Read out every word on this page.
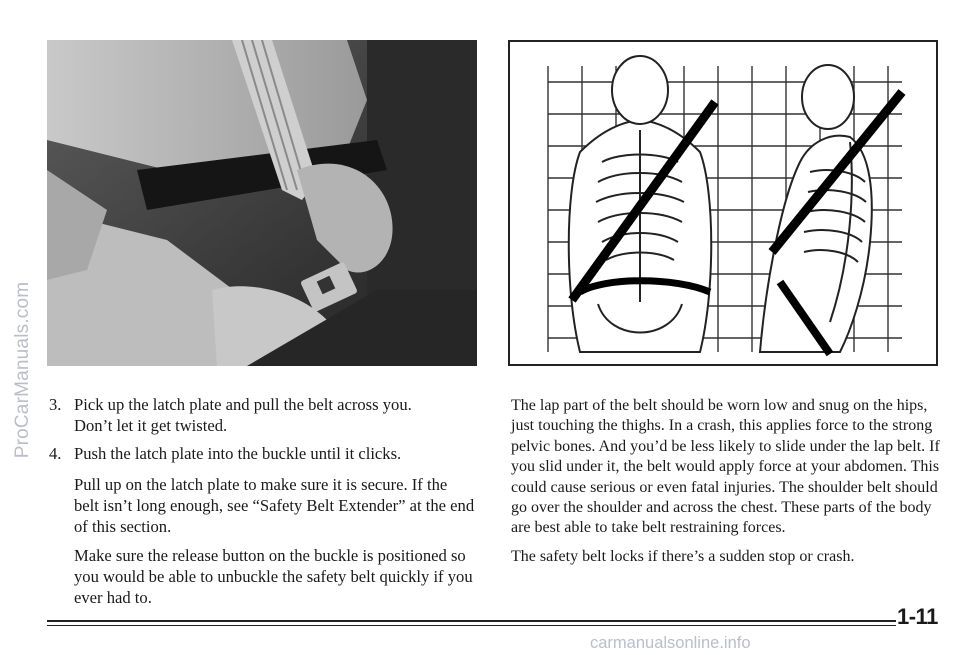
ProCarManuals.com 3. Pick up the latch plate and pull the belt across you.
Don’t let it get twisted.
4. Push the latch plate into the buckle until it clicks.

Pull up on the latch plate to make sure it is secure. If the belt isn’t long enough, see “Safety Belt Extender” at the end of this section.

Make sure the release button on the buckle is positioned so you would be able to unbuckle the safety belt quickly if you ever had to.

The lap part of the belt should be worn low and snug on the hips, just touching the thighs. In a crash, this applies force to the strong pelvic bones. And you’d be less likely to slide under the lap belt. If you slid under it, the belt would apply force at your abdomen. This could cause serious or even fatal injuries. The shoulder belt should go over the shoulder and across the chest. These parts of the body are best able to take belt restraining forces.

The safety belt locks if there’s a sudden stop or crash.

1-11
carmanualsonline.info
